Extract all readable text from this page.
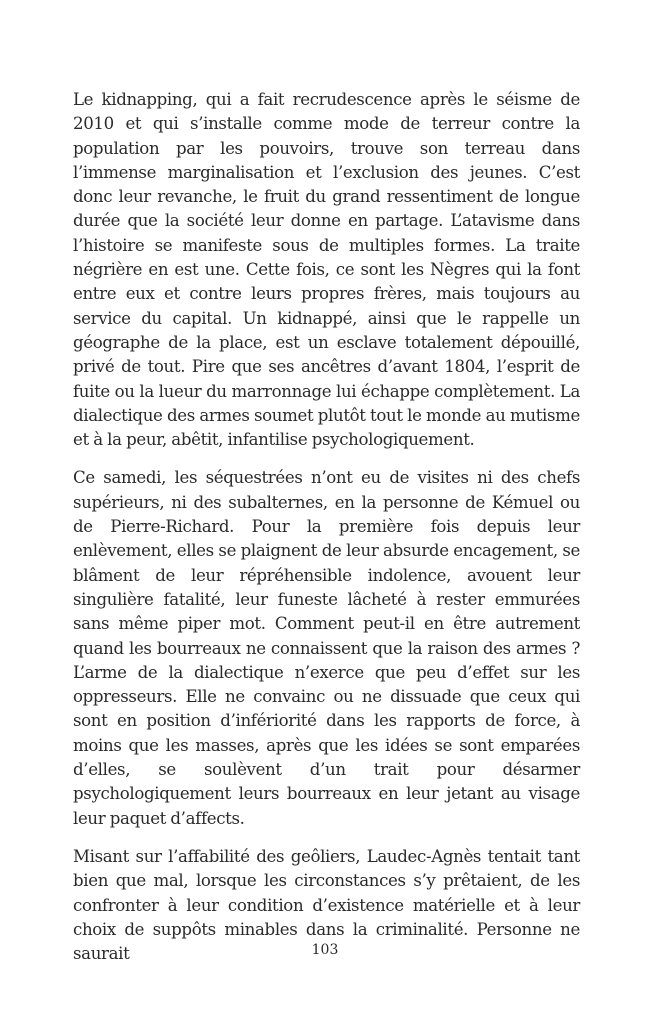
Le kidnapping, qui a fait recrudescence après le séisme de 2010 et qui s’installe comme mode de terreur contre la population par les pouvoirs, trouve son terreau dans l’immense marginalisation et l’exclusion des jeunes. C’est donc leur revanche, le fruit du grand ressentiment de longue durée que la société leur donne en partage. L’atavisme dans l’histoire se manifeste sous de multiples formes. La traite négrière en est une. Cette fois, ce sont les Nègres qui la font entre eux et contre leurs propres frères, mais toujours au service du capital. Un kidnappé, ainsi que le rappelle un géographe de la place, est un esclave totalement dépouillé, privé de tout. Pire que ses ancêtres d’avant 1804, l’esprit de fuite ou la lueur du marronnage lui échappe complètement. La dialectique des armes soumet plutôt tout le monde au mutisme et à la peur, abêtit, infantilise psychologiquement.

Ce samedi, les séquestrées n’ont eu de visites ni des chefs supérieurs, ni des subalternes, en la personne de Kémuel ou de Pierre-Richard. Pour la première fois depuis leur enlèvement, elles se plaignent de leur absurde encagement, se blâment de leur répréhensible indolence, avouent leur singulière fatalité, leur funeste lâcheté à rester emmurées sans même piper mot. Comment peut-il en être autrement quand les bourreaux ne connaissent que la raison des armes ? L’arme de la dialectique n’exerce que peu d’effet sur les oppresseurs. Elle ne convainc ou ne dissuade que ceux qui sont en position d’infériorité dans les rapports de force, à moins que les masses, après que les idées se sont emparées d’elles, se soulèvent d’un trait pour désarmer psychologiquement leurs bourreaux en leur jetant au visage leur paquet d’affects.

Misant sur l’affabilité des geôliers, Laudec-Agnès tentait tant bien que mal, lorsque les circonstances s’y prêtaient, de les confronter à leur condition d’existence matérielle et à leur choix de suppôts minables dans la criminalité. Personne ne saurait	103
